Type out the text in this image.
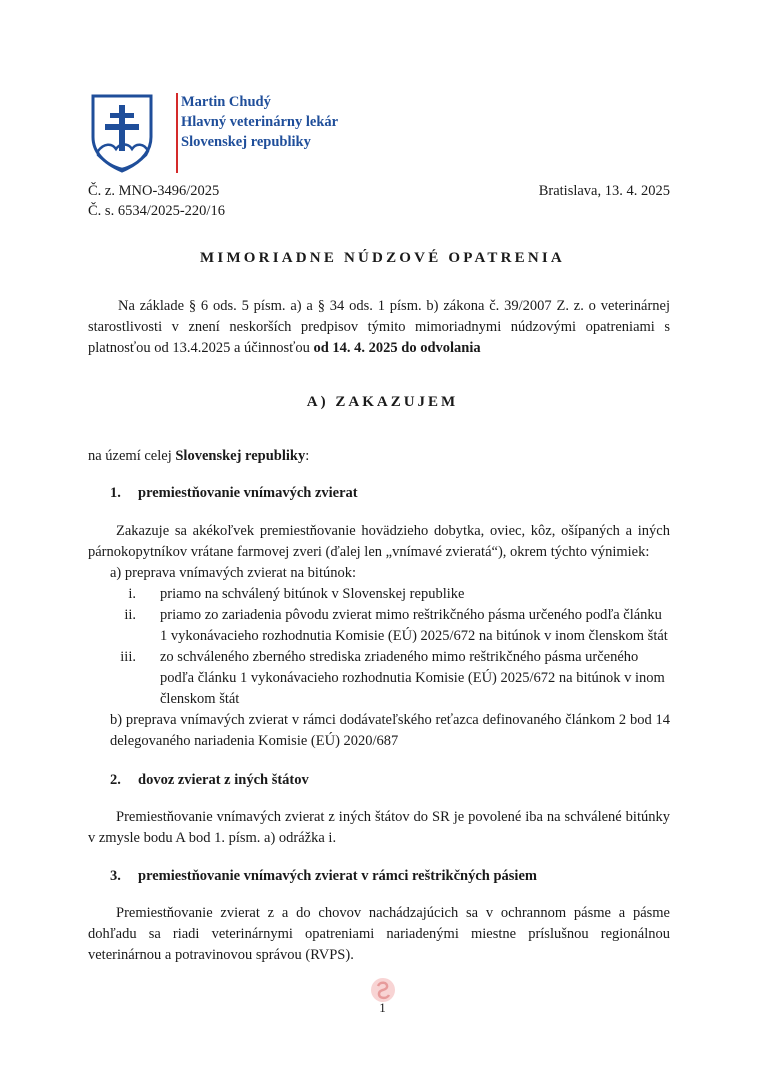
Martin Chudý
Hlavný veterinárny lekár
Slovenskej republiky
Č. z. MNO-3496/2025
Č. s. 6534/2025-220/16
Bratislava, 13. 4. 2025
MIMORIADNE NÚDZOVÉ OPATRENIA
Na základe § 6 ods. 5 písm. a) a § 34 ods. 1 písm. b) zákona č. 39/2007 Z. z. o veterinárnej starostlivosti v znení neskorších predpisov týmito mimoriadnymi núdzovými opatreniami s platnosťou od 13.4.2025 a účinnosťou od 14. 4. 2025 do odvolania
A) ZAKAZUJEM
na území celej Slovenskej republiky:
1. premiestňovanie vnímavých zvierat
Zakazuje sa akékoľvek premiestňovanie hovädzieho dobytka, oviec, kôz, ošípaných a iných párnokopytníkov vrátane farmovej zveri (ďalej len „vnímavé zvieratá“), okrem týchto výnimiek:
a) preprava vnímavých zvierat na bitúnok:
i.	priamo na schválený bitúnok v Slovenskej republike
ii.	priamo zo zariadenia pôvodu zvierat mimo reštrikčného pásma určeného podľa článku 1 vykonávacieho rozhodnutia Komisie (EÚ) 2025/672 na bitúnok v inom členskom štát
iii.	zo schváleného zberného strediska zriadeného mimo reštrikčného pásma určeného podľa článku 1 vykonávacieho rozhodnutia Komisie (EÚ) 2025/672 na bitúnok v inom členskom štát
b) preprava vnímavých zvierat v rámci dodávateľského reťazca definovaného článkom 2 bod 14 delegovaného nariadenia Komisie (EÚ) 2020/687
2. dovoz zvierat z iných štátov
Premiestňovanie vnímavých zvierat z iných štátov do SR je povolené iba na schválené bitúnky v zmysle bodu A bod 1. písm. a) odrážka i.
3. premiestňovanie vnímavých zvierat v rámci reštrikčných pásiem
Premiestňovanie zvierat z a do chovov nachádzajúcich sa v ochrannom pásme a pásme dohľadu sa riadi veterinárnymi opatreniami nariadenými miestne príslušnou regionálnou veterinárnou a potravinovou správou (RVPS).
1
